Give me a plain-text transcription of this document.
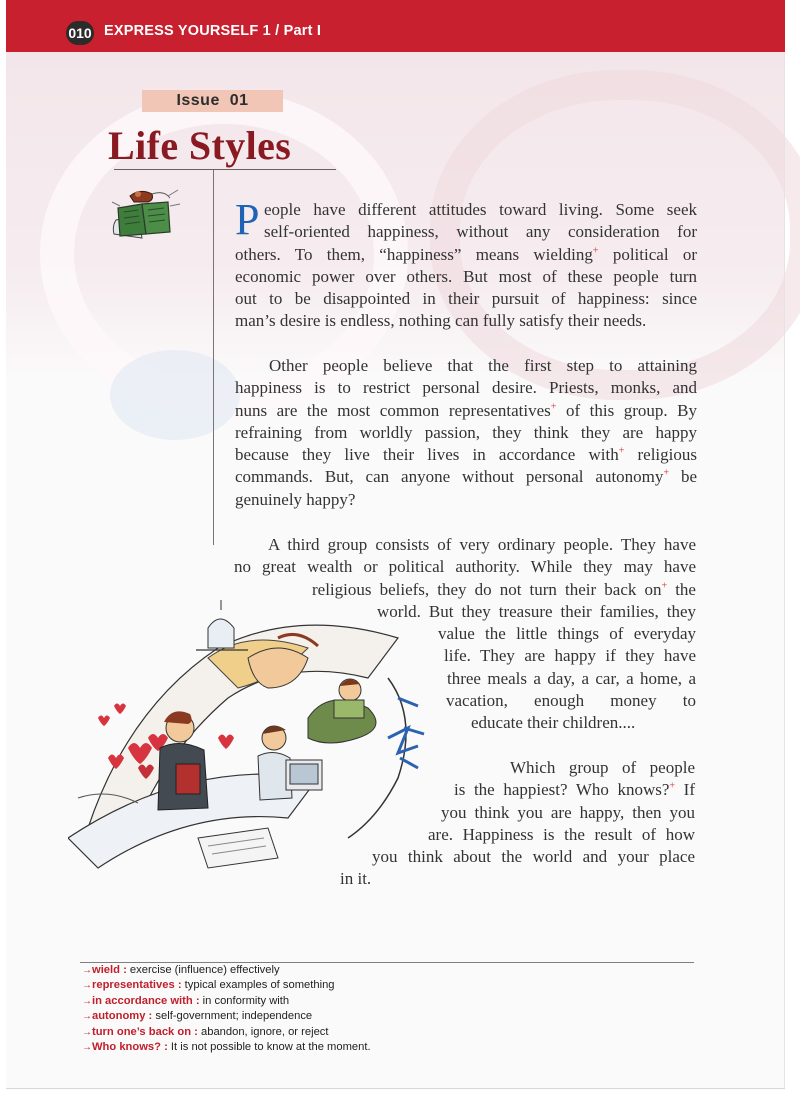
010 EXPRESS YOURSELF 1 / Part I
Issue  01
Life Styles
P eople have different attitudes toward living. Some seek
self-oriented happiness, without any consideration for
others. To them, “happiness” means wielding+ political or
economic power over others. But most of these people turn
out to be disappointed in their pursuit of happiness: since
man’s desire is endless, nothing can fully satisfy their needs.
Other people believe that the first step to attaining
happiness is to restrict personal desire. Priests, monks, and
nuns are the most common representatives+ of this group. By
refraining from worldly passion, they think they are happy
because they live their lives in accordance with+ religious
commands. But, can anyone without personal autonomy+ be
genuinely happy?
A third group consists of very ordinary people. They have
no great wealth or political authority. While they may have
religious beliefs, they do not turn their back on+ the
world. But they treasure their families, they
value the little things of everyday
life. They are happy if they have
three meals a day, a car, a home, a
vacation, enough money to
educate their children....
Which group of people
is the happiest? Who knows?+ If
you think you are happy, then you
are. Happiness is the result of how
you think about the world and your place
in it.
→wield : exercise (influence) effectively
→representatives : typical examples of something
→in accordance with : in conformity with
→autonomy : self-government; independence
→turn one’s back on : abandon, ignore, or reject
→Who knows? : It is not possible to know at the moment.
